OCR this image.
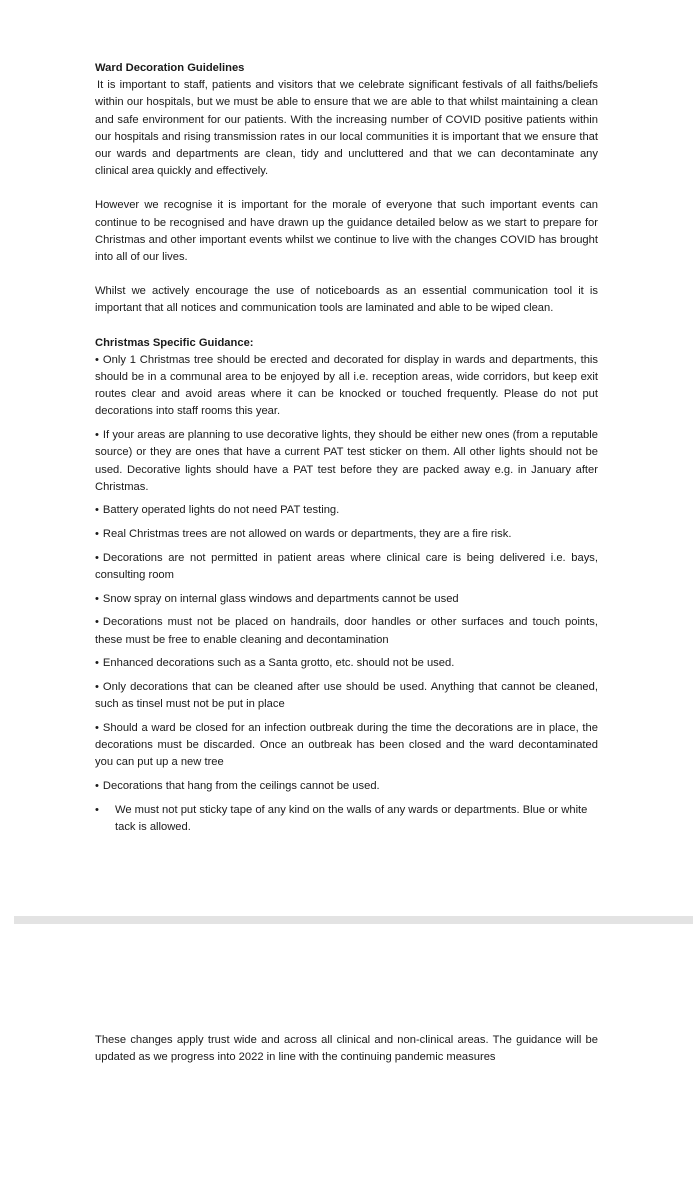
Ward Decoration Guidelines

It is important to staff, patients and visitors that we celebrate significant festivals of all faiths/beliefs within our hospitals, but we must be able to ensure that we are able to that whilst maintaining a clean and safe environment for our patients. With the increasing number of COVID positive patients within our hospitals and rising transmission rates in our local communities it is important that we ensure that our wards and departments are clean, tidy and uncluttered and that we can decontaminate any clinical area quickly and effectively.

However we recognise it is important for the morale of everyone that such important events can continue to be recognised and have drawn up the guidance detailed below as we start to prepare for Christmas and other important events whilst we continue to live with the changes COVID has brought into all of our lives.

Whilst we actively encourage the use of noticeboards as an essential communication tool it is important that all notices and communication tools are laminated and able to be wiped clean.

Christmas Specific Guidance:
• Only 1 Christmas tree should be erected and decorated for display in wards and departments, this should be in a communal area to be enjoyed by all i.e. reception areas, wide corridors, but keep exit routes clear and avoid areas where it can be knocked or touched frequently. Please do not put decorations into staff rooms this year.
• If your areas are planning to use decorative lights, they should be either new ones (from a reputable source) or they are ones that have a current PAT test sticker on them. All other lights should not be used. Decorative lights should have a PAT test before they are packed away e.g. in January after Christmas.
• Battery operated lights do not need PAT testing.
• Real Christmas trees are not allowed on wards or departments, they are a fire risk.
• Decorations are not permitted in patient areas where clinical care is being delivered i.e. bays, consulting room
• Snow spray on internal glass windows and departments cannot be used
• Decorations must not be placed on handrails, door handles or other surfaces and touch points, these must be free to enable cleaning and decontamination
• Enhanced decorations such as a Santa grotto, etc. should not be used.
• Only decorations that can be cleaned after use should be used. Anything that cannot be cleaned, such as tinsel must not be put in place
• Should a ward be closed for an infection outbreak during the time the decorations are in place, the decorations must be discarded. Once an outbreak has been closed and the ward decontaminated you can put up a new tree
• Decorations that hang from the ceilings cannot be used.
• We must not put sticky tape of any kind on the walls of any wards or departments. Blue or white tack is allowed.

These changes apply trust wide and across all clinical and non-clinical areas. The guidance will be updated as we progress into 2022 in line with the continuing pandemic measures
